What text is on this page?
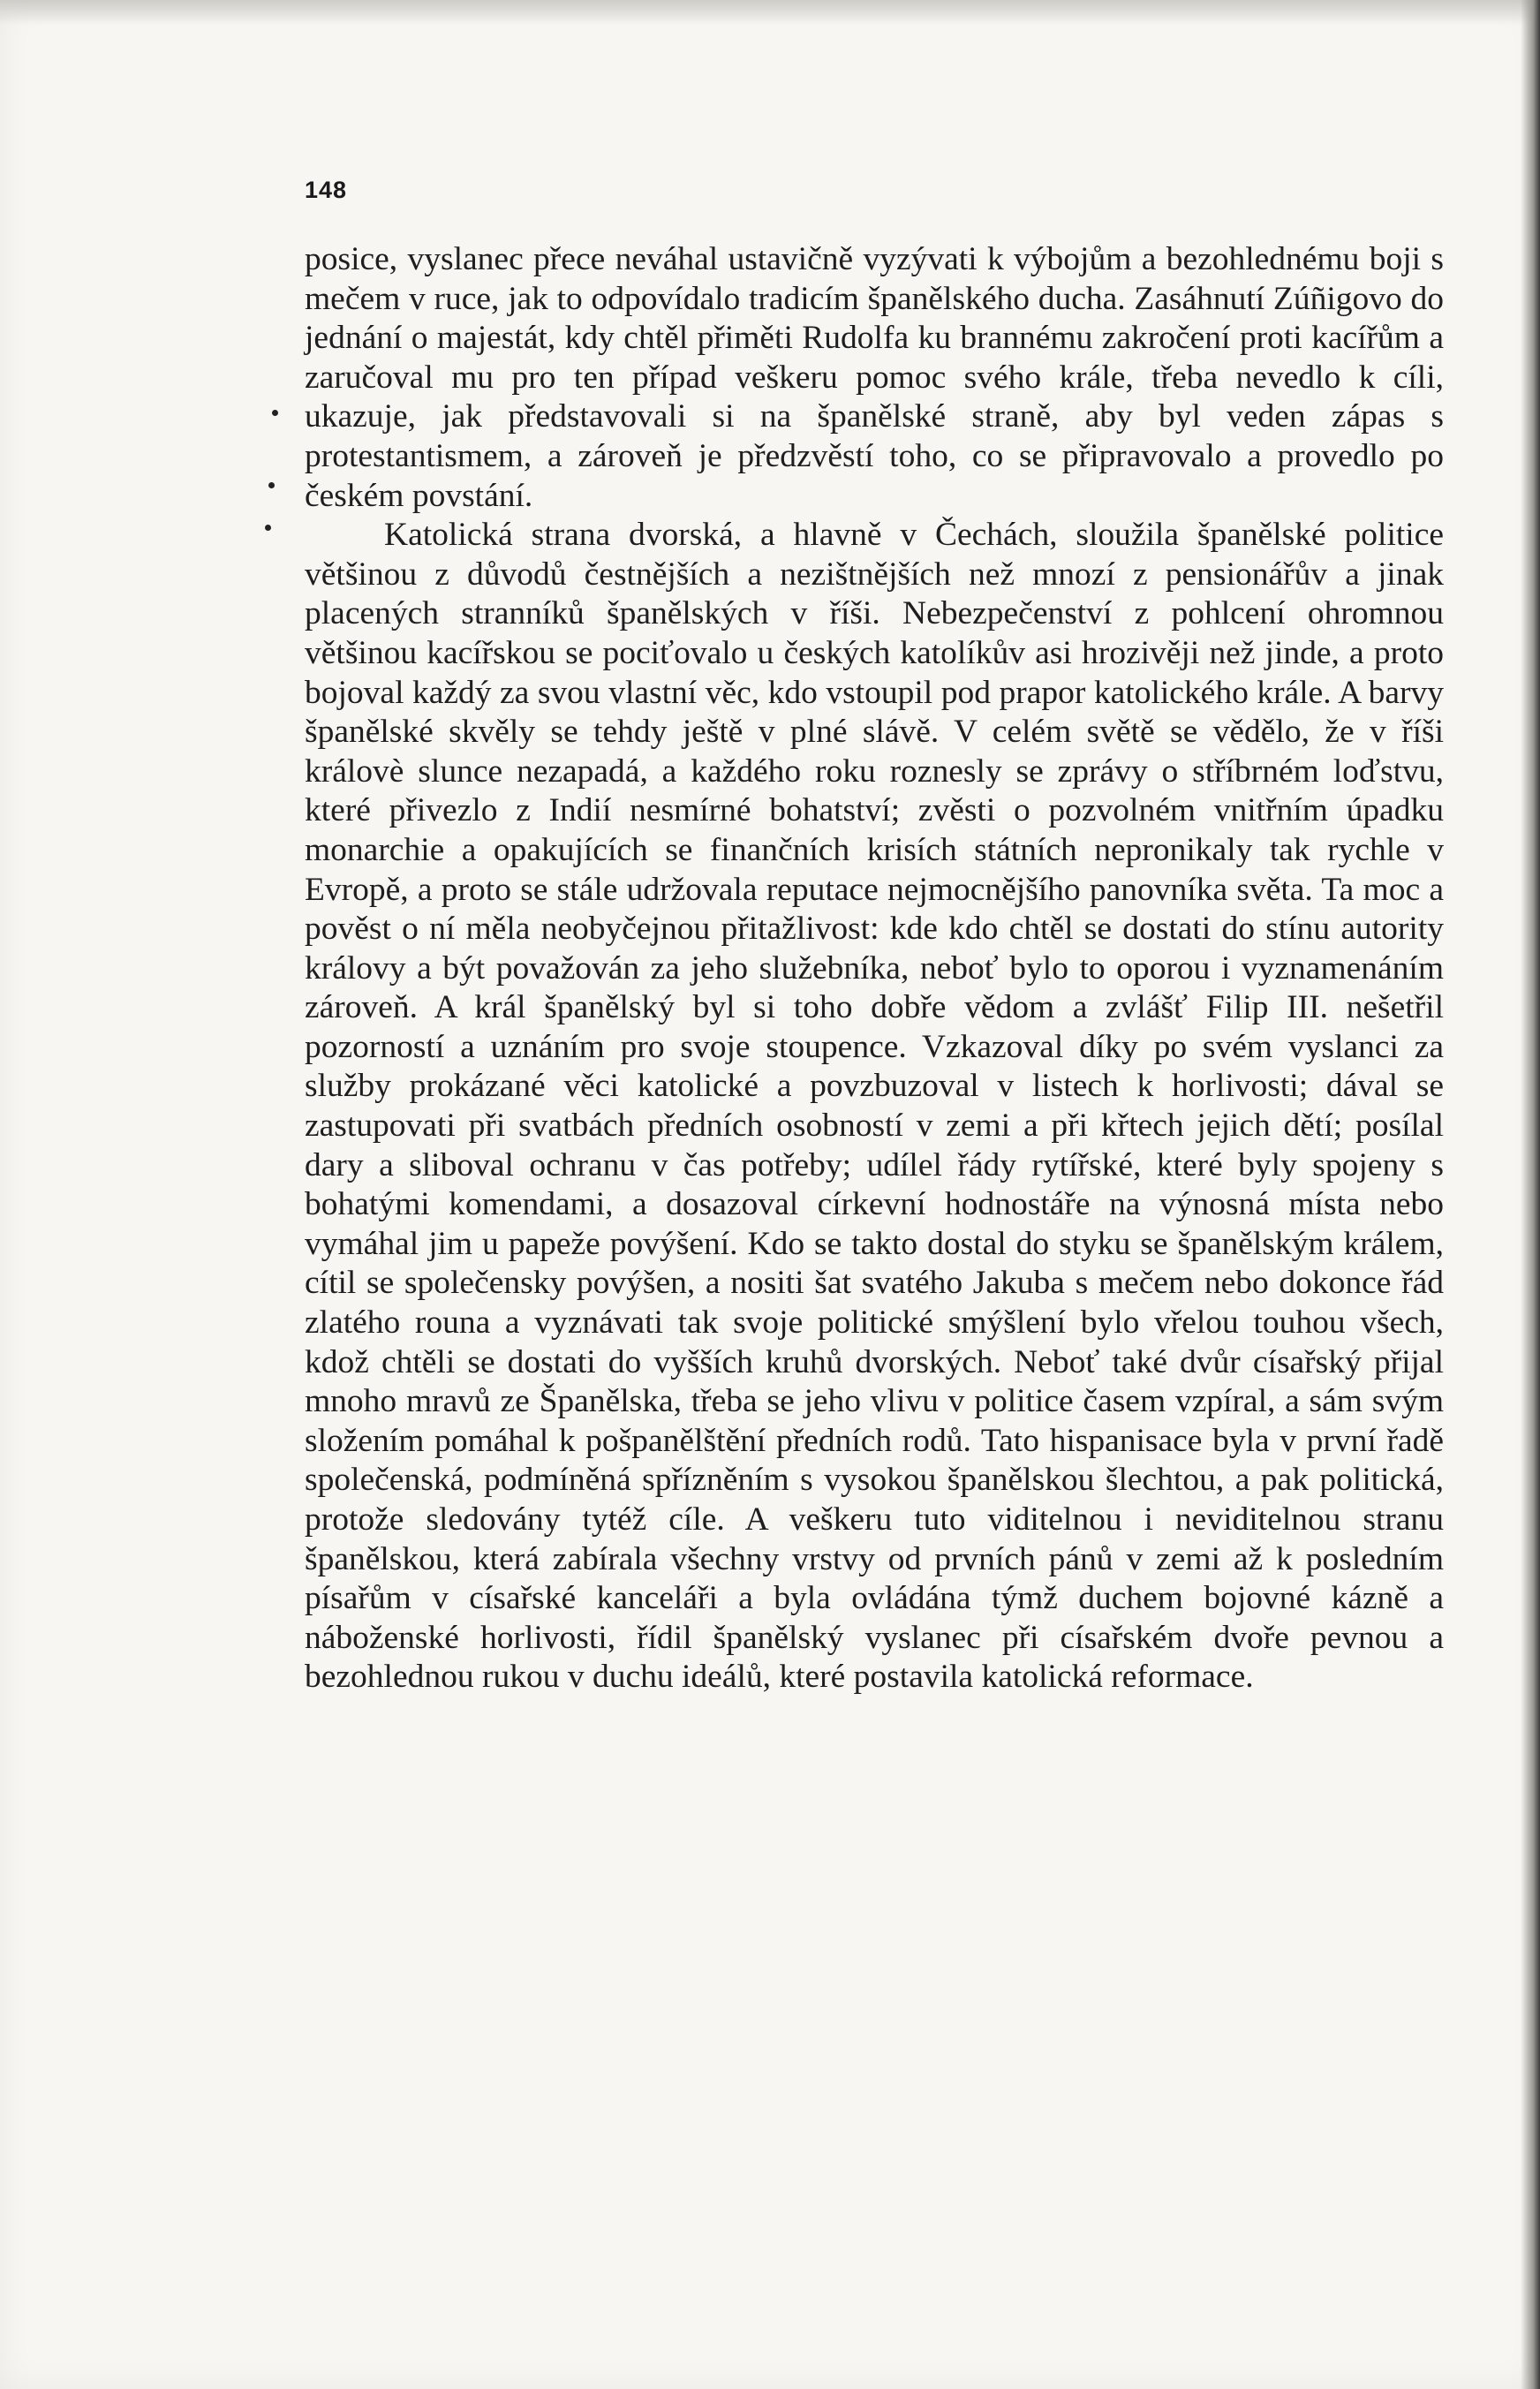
148

posice, vyslanec přece neváhal ustavičně vyzývati k výbojům a bezohlednému boji s mečem v ruce, jak to odpovídalo tradicím španělského ducha. Zasáhnutí Zúñigovo do jednání o majestát, kdy chtěl přiměti Rudolfa ku brannému zakročení proti kacířům a zaručoval mu pro ten případ veškeru pomoc svého krále, třeba nevedlo k cíli, ukazuje, jak představovali si na španělské straně, aby byl veden zápas s protestantismem, a zároveň je předzvěstí toho, co se připravovalo a provedlo po českém povstání.

Katolická strana dvorská, a hlavně v Čechách, sloužila španělské politice většinou z důvodů čestnějších a nezištnějších než mnozí z pensionářův a jinak placených stranníků španělských v říši. Nebezpečenství z pohlcení ohromnou většinou kacířskou se pociťovalo u českých katolíkův asi hrozivěji než jinde, a proto bojoval každý za svou vlastní věc, kdo vstoupil pod prapor katolického krále. A barvy španělské skvěly se tehdy ještě v plné slávě. V celém světě se vědělo, že v říši královè slunce nezapadá, a každého roku roznesly se zprávy o stříbrném loďstvu, které přivezlo z Indií nesmírné bohatství; zvěsti o pozvolném vnitřním úpadku monarchie a opakujících se finančních krisích státních nepronikaly tak rychle v Evropě, a proto se stále udržovala reputace nejmocnějšího panovníka světa. Ta moc a pověst o ní měla neobyčejnou přitažlivost: kde kdo chtěl se dostati do stínu autority královy a být považován za jeho služebníka, neboť bylo to oporou i vyznamenáním zároveň. A král španělský byl si toho dobře vědom a zvlášť Filip III. nešetřil pozorností a uznáním pro svoje stoupence. Vzkazoval díky po svém vyslanci za služby prokázané věci katolické a povzbuzoval v listech k horlivosti; dával se zastupovati při svatbách předních osobností v zemi a při křtech jejich dětí; posílal dary a sliboval ochranu v čas potřeby; udílel řády rytířské, které byly spojeny s bohatými komendami, a dosazoval církevní hodnostáře na výnosná místa nebo vymáhal jim u papeže povýšení. Kdo se takto dostal do styku se španělským králem, cítil se společensky povýšen, a nositi šat svatého Jakuba s mečem nebo dokonce řád zlatého rouna a vyznávati tak svoje politické smýšlení bylo vřelou touhou všech, kdož chtěli se dostati do vyšších kruhů dvorských. Neboť také dvůr císařský přijal mnoho mravů ze Španělska, třeba se jeho vlivu v politice časem vzpíral, a sám svým složením pomáhal k pošpanělštění předních rodů. Tato hispanisace byla v první řadě společenská, podmíněná spřízněním s vysokou španělskou šlechtou, a pak politická, protože sledovány tytéž cíle. A veškeru tuto viditelnou i neviditelnou stranu španělskou, která zabírala všechny vrstvy od prvních pánů v zemi až k posledním písařům v císařské kanceláři a byla ovládána týmž duchem bojovné kázně a náboženské horlivosti, řídil španělský vyslanec při císařském dvoře pevnou a bezohlednou rukou v duchu ideálů, které postavila katolická reformace.
